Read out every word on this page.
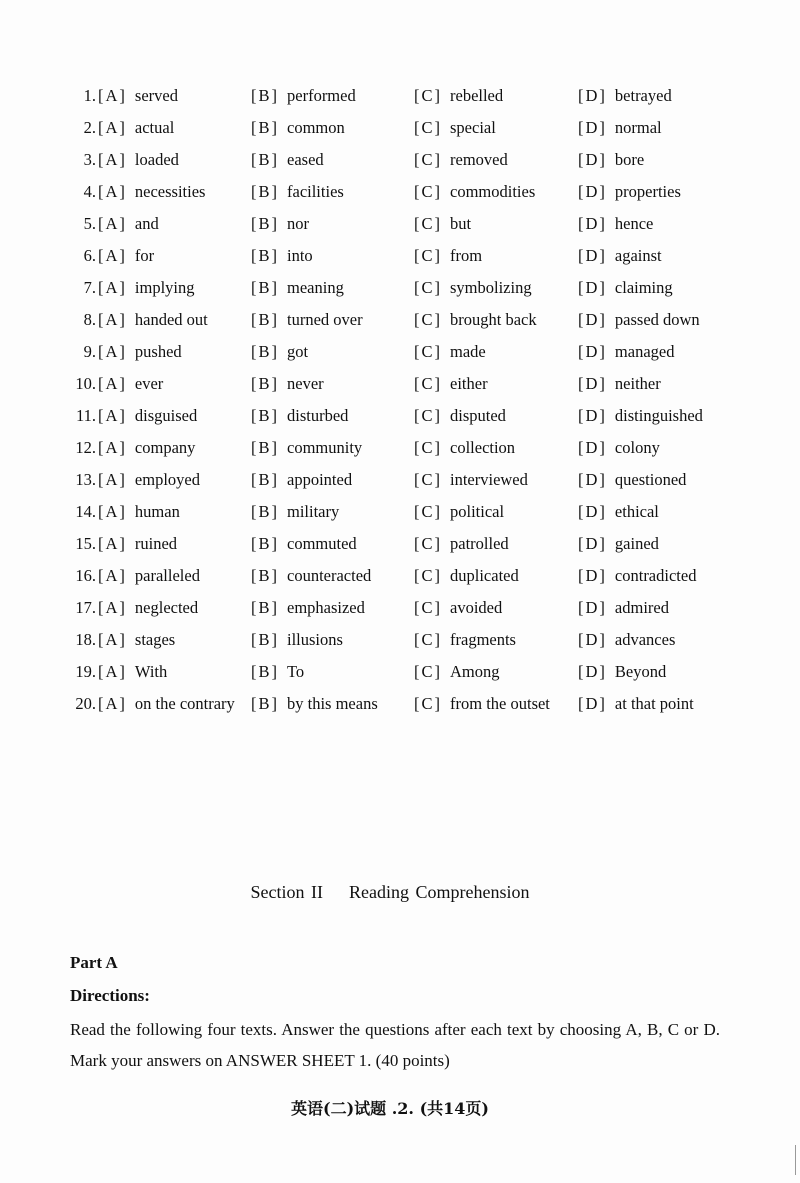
1. [A] served	[B] performed	[C] rebelled	[D] betrayed
2. [A] actual	[B] common	[C] special	[D] normal
3. [A] loaded	[B] eased	[C] removed	[D] bore
4. [A] necessities	[B] facilities	[C] commodities	[D] properties
5. [A] and	[B] nor	[C] but	[D] hence
6. [A] for	[B] into	[C] from	[D] against
7. [A] implying	[B] meaning	[C] symbolizing	[D] claiming
8. [A] handed out	[B] turned over	[C] brought back	[D] passed down
9. [A] pushed	[B] got	[C] made	[D] managed
10. [A] ever	[B] never	[C] either	[D] neither
11. [A] disguised	[B] disturbed	[C] disputed	[D] distinguished
12. [A] company	[B] community	[C] collection	[D] colony
13. [A] employed	[B] appointed	[C] interviewed	[D] questioned
14. [A] human	[B] military	[C] political	[D] ethical
15. [A] ruined	[B] commuted	[C] patrolled	[D] gained
16. [A] paralleled	[B] counteracted	[C] duplicated	[D] contradicted
17. [A] neglected	[B] emphasized	[C] avoided	[D] admired
18. [A] stages	[B] illusions	[C] fragments	[D] advances
19. [A] With	[B] To	[C] Among	[D] Beyond
20. [A] on the contrary [B] by this means [C] from the outset [D] at that point
Section II Reading Comprehension
Part A
Directions:
Read the following four texts. Answer the questions after each text by choosing A, B, C or D. Mark your answers on ANSWER SHEET 1. (40 points)
英语(二)试题 .2. (共14页)
